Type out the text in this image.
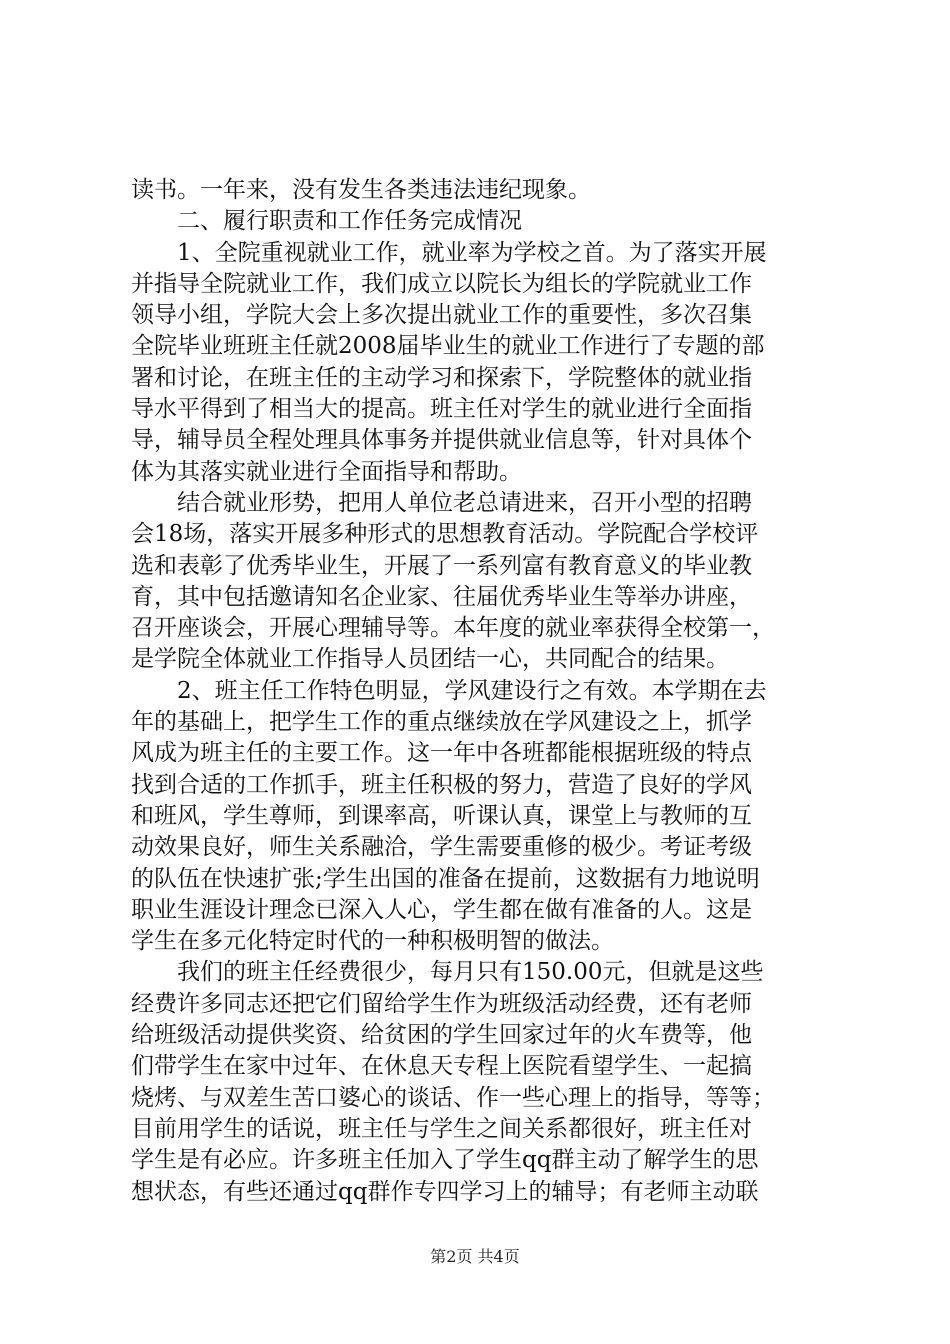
读书。一年来，没有发生各类违法违纪现象。
　　二、履行职责和工作任务完成情况
　　1、全院重视就业工作，就业率为学校之首。为了落实开展
并指导全院就业工作，我们成立以院长为组长的学院就业工作
领导小组，学院大会上多次提出就业工作的重要性，多次召集
全院毕业班班主任就2008届毕业生的就业工作进行了专题的部
署和讨论，在班主任的主动学习和探索下，学院整体的就业指
导水平得到了相当大的提高。班主任对学生的就业进行全面指
导，辅导员全程处理具体事务并提供就业信息等，针对具体个
体为其落实就业进行全面指导和帮助。
　　结合就业形势，把用人单位老总请进来，召开小型的招聘
会18场，落实开展多种形式的思想教育活动。学院配合学校评
选和表彰了优秀毕业生，开展了一系列富有教育意义的毕业教
育，其中包括邀请知名企业家、往届优秀毕业生等举办讲座，
召开座谈会，开展心理辅导等。本年度的就业率获得全校第一，
是学院全体就业工作指导人员团结一心，共同配合的结果。
　　2、班主任工作特色明显，学风建设行之有效。本学期在去
年的基础上，把学生工作的重点继续放在学风建设之上，抓学
风成为班主任的主要工作。这一年中各班都能根据班级的特点
找到合适的工作抓手，班主任积极的努力，营造了良好的学风
和班风，学生尊师，到课率高，听课认真，课堂上与教师的互
动效果良好，师生关系融洽，学生需要重修的极少。考证考级
的队伍在快速扩张;学生出国的准备在提前，这数据有力地说明
职业生涯设计理念已深入人心，学生都在做有准备的人。这是
学生在多元化特定时代的一种积极明智的做法。
　　我们的班主任经费很少，每月只有150.00元，但就是这些
经费许多同志还把它们留给学生作为班级活动经费，还有老师
给班级活动提供奖资、给贫困的学生回家过年的火车费等，他
们带学生在家中过年、在休息天专程上医院看望学生、一起搞
烧烤、与双差生苦口婆心的谈话、作一些心理上的指导，等等；
目前用学生的话说，班主任与学生之间关系都很好，班主任对
学生是有必应。许多班主任加入了学生qq群主动了解学生的思
想状态，有些还通过qq群作专四学习上的辅导；有老师主动联
第2页 共4页
